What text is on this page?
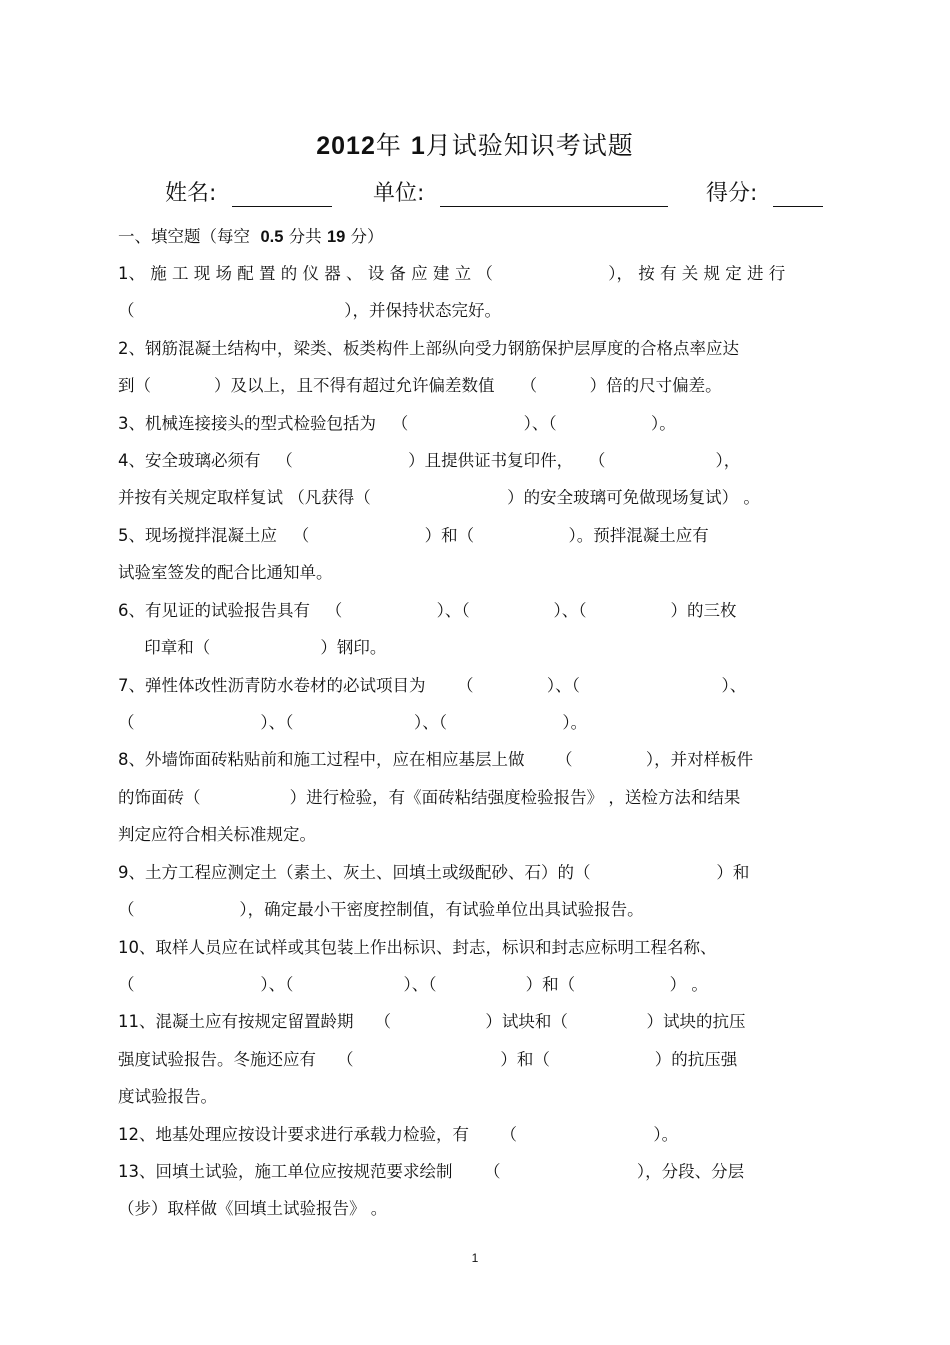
2012年 1月试验知识考试题
姓名:	单位:	得分:
一、填空题（每空  0.5 分共 19 分）
1、 施 工 现 场 配 置 的 仪 器 、 设 备 应 建 立 （                      ）， 按 有 关 规 定 进 行
（                                        ），并保持状态完好。
2、钢筋混凝土结构中，梁类、板类构件上部纵向受力钢筋保护层厚度的合格点率应达
到（            ）及以上，且不得有超过允许偏差数值     （          ）倍的尺寸偏差。
3、机械连接接头的型式检验包括为   （                      ）、（                  ）。
4、安全玻璃必须有   （                      ）且提供证书复印件，   （                     ），
并按有关规定取样复试 （凡获得（                          ）的安全玻璃可免做现场复试） 。
5、现场搅拌混凝土应   （                      ）和（                  ）。预拌混凝土应有
试验室签发的配合比通知单。
6、有见证的试验报告具有   （                  ）、（                ）、（                ）的三枚
印章和（                     ）钢印。
7、弹性体改性沥青防水卷材的必试项目为      （              ）、（                           ）、
（                        ）、（                       ）、（                      ）。
8、外墙饰面砖粘贴前和施工过程中，应在相应基层上做      （              ），并对样板件
的饰面砖（                 ）进行检验，有《面砖粘结强度检验报告》 ，送检方法和结果
判定应符合相关标准规定。
9、土方工程应测定土（素土、灰土、回填土或级配砂、石）的（                        ）和
（                    ），确定最小干密度控制值，有试验单位出具试验报告。
10、取样人员应在试样或其包装上作出标识、封志，标识和封志应标明工程名称、
（                        ）、（                     ）、（                 ）和（                  ） 。
11、混凝土应有按规定留置龄期    （                  ）试块和（               ）试块的抗压
强度试验报告。冬施还应有    （                            ）和（                    ）的抗压强
度试验报告。
12、地基处理应按设计要求进行承载力检验，有      （                          ）。
13、回填土试验，施工单位应按规范要求绘制      （                          ），分段、分层
（步）取样做《回填土试验报告》 。
1
